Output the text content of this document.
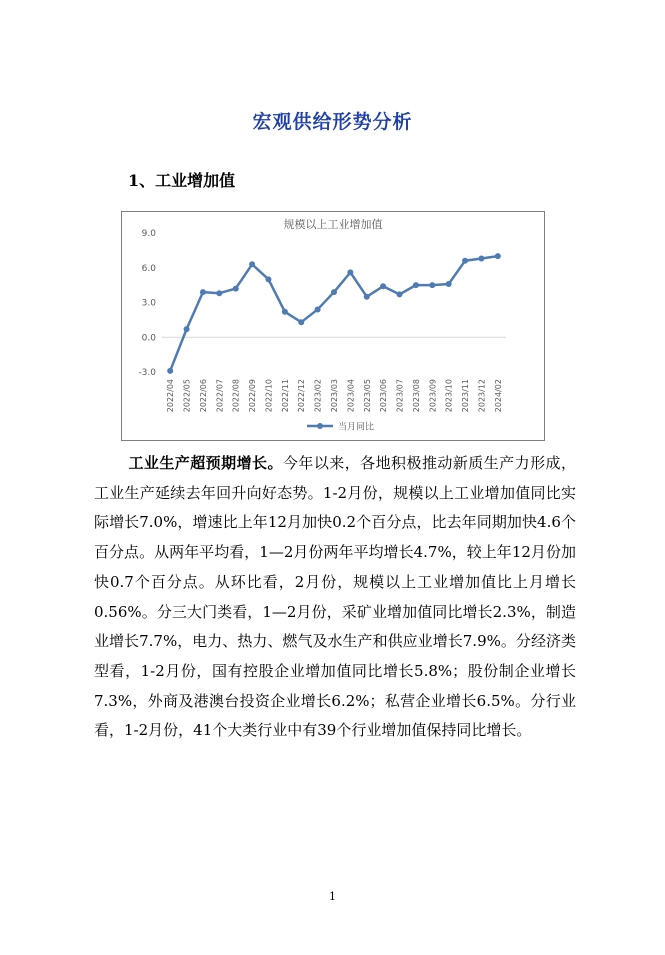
宏观供给形势分析
1、工业增加值
规模以上工业增加值
9.0
6.0
3.0
0.0
-3.0
2022/04 2022/05 2022/06 2022/07 2022/08 2022/09 2022/10 2022/11 2022/12 2023/02 2023/03 2023/04 2023/05 2023/06 2023/07 2023/08 2023/09 2023/10 2023/11 2023/12 2024/02
当月同比
工业生产超预期增长。今年以来，各地积极推动新质生产力形成，工业生产延续去年回升向好态势。1-2月份，规模以上工业增加值同比实际增长7.0%，增速比上年12月加快0.2个百分点，比去年同期加快4.6个百分点。从两年平均看，1—2月份两年平均增长4.7%，较上年12月份加快0.7个百分点。从环比看，2月份，规模以上工业增加值比上月增长0.56%。分三大门类看，1—2月份，采矿业增加值同比增长2.3%，制造业增长7.7%，电力、热力、燃气及水生产和供应业增长7.9%。分经济类型看，1-2月份，国有控股企业增加值同比增长5.8%；股份制企业增长7.3%，外商及港澳台投资企业增长6.2%；私营企业增长6.5%。分行业看，1-2月份，41个大类行业中有39个行业增加值保持同比增长。
1
